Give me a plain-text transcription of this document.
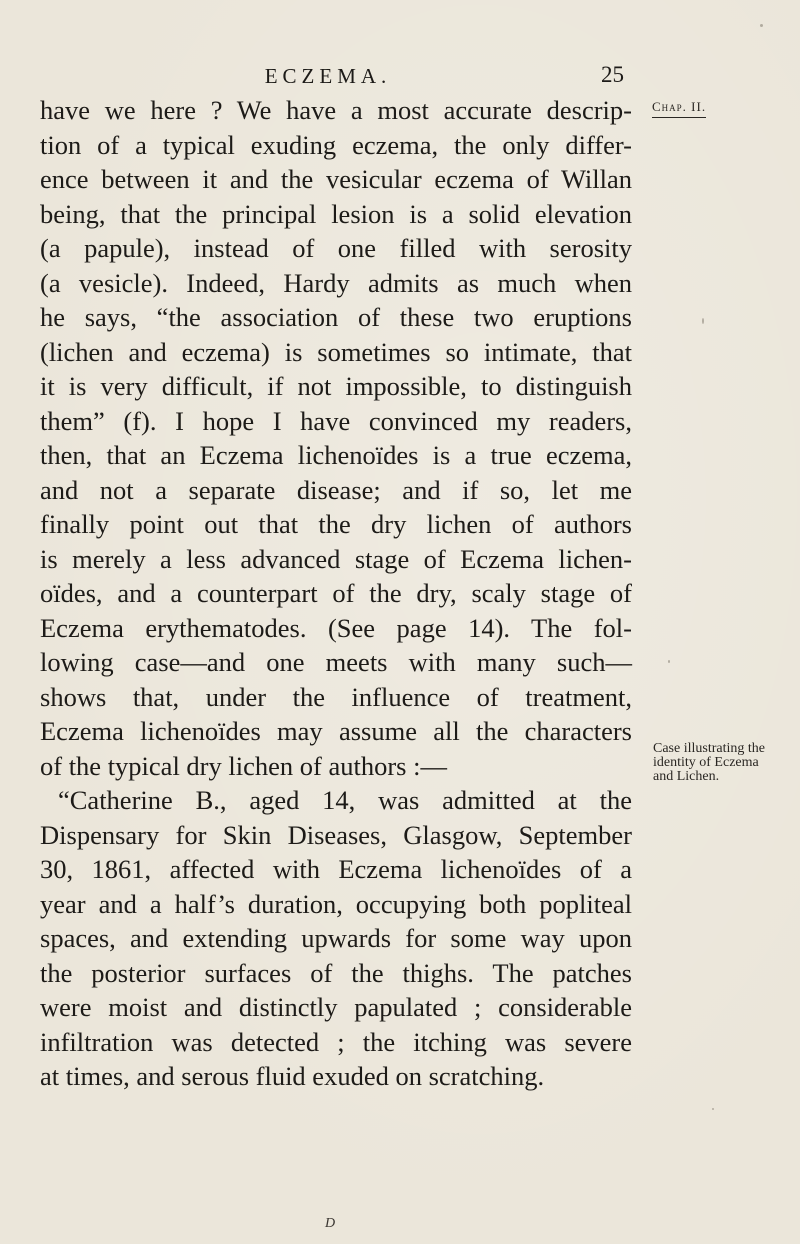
ECZEMA.	25
Chap. II.
Case illustrating the
identity of Eczema
and Lichen.
have we here ? We have a most accurate descrip-
tion of a typical exuding eczema, the only differ-
ence between it and the vesicular eczema of Willan
being, that the principal lesion is a solid elevation
(a papule), instead of one filled with serosity
(a vesicle). Indeed, Hardy admits as much when
he says, “the association of these two eruptions
(lichen and eczema) is sometimes so intimate, that
it is very difficult, if not impossible, to distinguish
them” (f). I hope I have convinced my readers,
then, that an Eczema lichenoïdes is a true eczema,
and not a separate disease; and if so, let me
finally point out that the dry lichen of authors
is merely a less advanced stage of Eczema lichen-
oïdes, and a counterpart of the dry, scaly stage of
Eczema erythematodes. (See page 14). The fol-
lowing case—and one meets with many such—
shows that, under the influence of treatment,
Eczema lichenoïdes may assume all the characters
of the typical dry lichen of authors :—
“Catherine B., aged 14, was admitted at the
Dispensary for Skin Diseases, Glasgow, September
30, 1861, affected with Eczema lichenoïdes of a
year and a half’s duration, occupying both popliteal
spaces, and extending upwards for some way upon
the posterior surfaces of the thighs. The patches
were moist and distinctly papulated ; considerable
infiltration was detected ; the itching was severe
at times, and serous fluid exuded on scratching.
D
